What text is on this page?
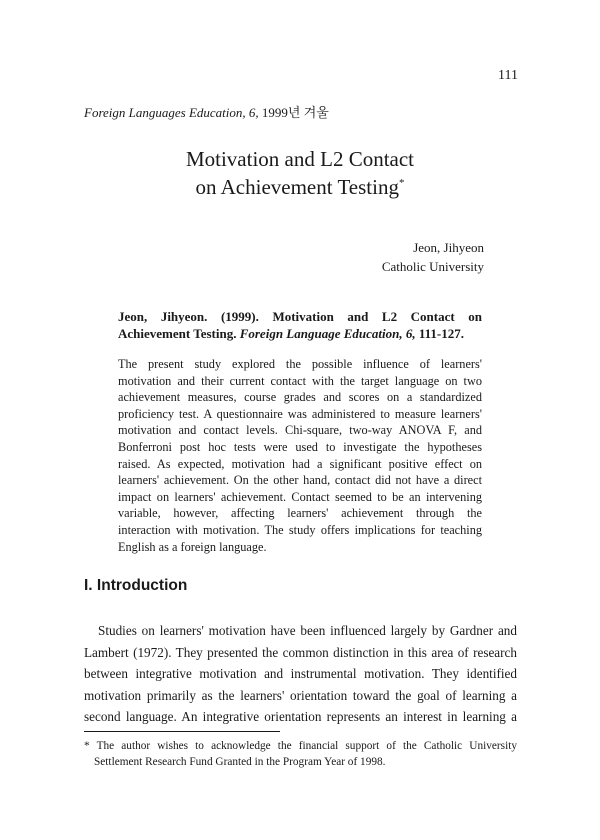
111
Foreign Languages Education, 6, 1999년 겨울
Motivation and L2 Contact
on Achievement Testing*
Jeon, Jihyeon
Catholic University
Jeon, Jihyeon. (1999). Motivation and L2 Contact on Achievement Testing. Foreign Language Education, 6, 111-127.
The present study explored the possible influence of learners'
motivation and their current contact with the target language on two
achievement measures, course grades and scores on a standardized
proficiency test. A questionnaire was administered to measure learners'
motivation and contact levels. Chi-square, two-way ANOVA F, and
Bonferroni post hoc tests were used to investigate the hypotheses
raised. As expected, motivation had a significant positive effect on
learners' achievement. On the other hand, contact did not have a direct
impact on learners' achievement. Contact seemed to be an intervening
variable, however, affecting learners' achievement through the
interaction with motivation. The study offers implications for teaching
English as a foreign language.
I. Introduction
Studies on learners' motivation have been influenced largely by Gardner and
Lambert (1972). They presented the common distinction in this area of research
between integrative motivation and instrumental motivation. They identified
motivation primarily as the learners' orientation toward the goal of learning a
second language. An integrative orientation represents an interest in learning a
* The author wishes to acknowledge the financial support of the Catholic University
Settlement Research Fund Granted in the Program Year of 1998.
